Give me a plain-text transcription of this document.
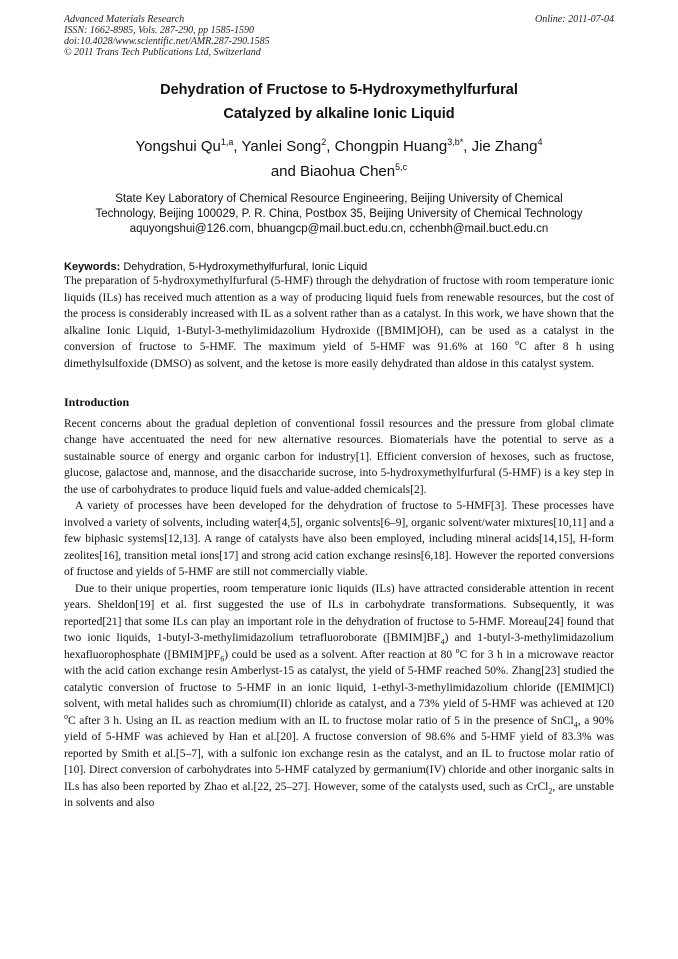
Advanced Materials Research	Online: 2011-07-04
ISSN: 1662-8985, Vols. 287-290, pp 1585-1590
doi:10.4028/www.scientific.net/AMR.287-290.1585
© 2011 Trans Tech Publications Ltd, Switzerland
Dehydration of Fructose to 5-Hydroxymethylfurfural
Catalyzed by alkaline Ionic Liquid
Yongshui Qu$^{1,a}$, Yanlei Song$^2$, Chongpin Huang$^{3,b*}$, Jie Zhang$^4$
and Biaohua Chen$^{5,c}$
State Key Laboratory of Chemical Resource Engineering, Beijing University of Chemical
Technology, Beijing 100029, P. R. China, Postbox 35, Beijing University of Chemical Technology
aquyongshui@126.com, bhuangcp@mail.buct.edu.cn, cchenbh@mail.buct.edu.cn
Keywords: Dehydration, 5-Hydroxymethylfurfural, Ionic Liquid

The preparation of 5-hydroxymethylfurfural (5-HMF) through the dehydration of fructose with room temperature ionic liquids (ILs) has received much attention as a way of producing liquid fuels from renewable resources, but the cost of the process is considerably increased with IL as a solvent rather than as a catalyst. In this work, we have shown that the alkaline Ionic Liquid, 1-Butyl-3-methylimidazolium Hydroxide ([BMIM]OH), can be used as a catalyst in the conversion of fructose to 5-HMF. The maximum yield of 5-HMF was 91.6% at 160 $^o$C after 8 h using dimethylsulfoxide (DMSO) as solvent, and the ketose is more easily dehydrated than aldose in this catalyst system.

Introduction

Recent concerns about the gradual depletion of conventional fossil resources and the pressure from global climate change have accentuated the need for new alternative resources. Biomaterials have the potential to serve as a sustainable source of energy and organic carbon for industry[1]. Efficient conversion of hexoses, such as fructose, glucose, galactose and, mannose, and the disaccharide sucrose, into 5-hydroxymethylfurfural (5-HMF) is a key step in the use of carbohydrates to produce liquid fuels and value-added chemicals[2].

A variety of processes have been developed for the dehydration of fructose to 5-HMF[3]. These processes have involved a variety of solvents, including water[4,5], organic solvents[6–9], organic solvent/water mixtures[10,11] and a few biphasic systems[12,13]. A range of catalysts have also been employed, including mineral acids[14,15], H-form zeolites[16], transition metal ions[17] and strong acid cation exchange resins[6,18]. However the reported conversions of fructose and yields of 5-HMF are still not commercially viable.

Due to their unique properties, room temperature ionic liquids (ILs) have attracted considerable attention in recent years. Sheldon[19] et al. first suggested the use of ILs in carbohydrate transformations. Subsequently, it was reported[21] that some ILs can play an important role in the dehydration of fructose to 5-HMF. Moreau[24] found that two ionic liquids, 1-butyl-3-methylimidazolium tetrafluoroborate $([BMIM]BF_4)$ and 1-butyl-3-methylimidazolium hexafluorophosphate $([BMIM]PF_6)$ could be used as a solvent. After reaction at 80 $^o$C for 3 h in a microwave reactor with the acid cation exchange resin Amberlyst-15 as catalyst, the yield of 5-HMF reached 50%. Zhang[23] studied the catalytic conversion of fructose to 5-HMF in an ionic liquid, 1-ethyl-3-methylimidazolium chloride ([EMIM]Cl) solvent, with metal halides such as chromium(II) chloride as catalyst, and a 73% yield of 5-HMF was achieved at 120 $^o$C after 3 h. Using an IL as reaction medium with an IL to fructose molar ratio of 5 in the presence of SnCl$_4$, a 90% yield of 5-HMF was achieved by Han et al.[20]. A fructose conversion of 98.6% and 5-HMF yield of 83.3% was reported by Smith et al.[5–7], with a sulfonic ion exchange resin as the catalyst, and an IL to fructose molar ratio of [10]. Direct conversion of carbohydrates into 5-HMF catalyzed by germanium(IV) chloride and other inorganic salts in ILs has also been reported by Zhao et al.[22, 25–27]. However, some of the catalysts used, such as CrCl$_2$, are unstable in solvents and also
